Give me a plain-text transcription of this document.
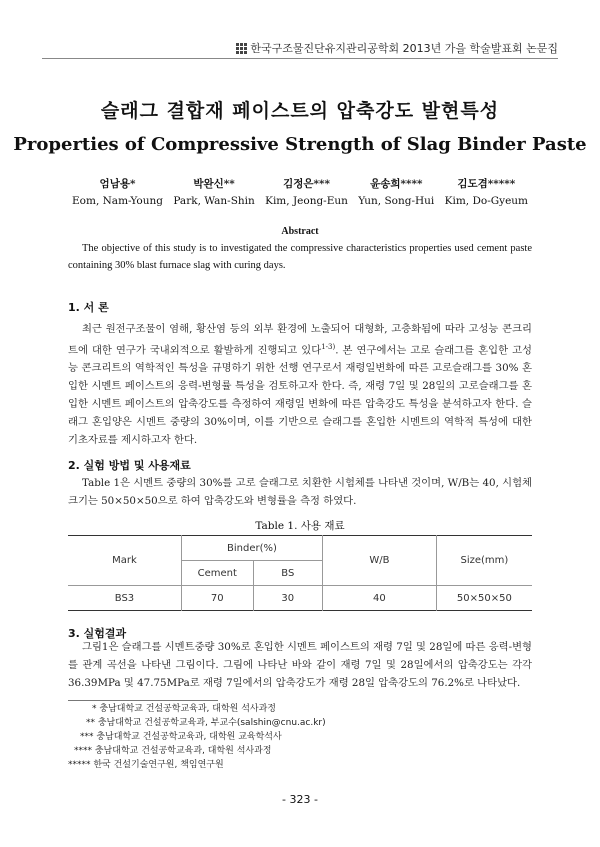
한국구조물진단유지관리공학회 2013년 가을 학술발표회 논문집
슬래그 결합재 페이스트의 압축강도 발현특성
Properties of Compressive Strength of Slag Binder Paste
엄남용*
Eom, Nam-Young
박완신**
Park, Wan-Shin
김정은***
Kim, Jeong-Eun
윤송희****
Yun, Song-Hui
김도겸*****
Kim, Do-Gyeum
Abstract
The objective of this study is to investigated the compressive characteristics properties used cement paste containing 30% blast furnace slag with curing days.
1. 서 론
최근 원전구조물이 염해, 황산염 등의 외부 환경에 노출되어 대형화, 고층화됨에 따라 고성능 콘크리트에 대한 연구가 국내외적으로 활발하게 진행되고 있다$^{1-3)}$. 본 연구에서는 고로 슬래그를 혼입한 고성능 콘크리트의 역학적인 특성을 규명하기 위한 선행 연구로서 재령일변화에 따른 고로슬래그를 30% 혼입한 시멘트 페이스트의 응력-변형률 특성을 검토하고자 한다. 즉, 재령 7일 및 28일의 고로슬래그를 혼입한 시멘트 페이스트의 압축강도를 측정하여 재령일 변화에 따른 압축강도 특성을 분석하고자 한다. 슬래그 혼입양은 시멘트 중량의 30%이며, 이를 기반으로 슬래그를 혼입한 시멘트의 역학적 특성에 대한 기초자료를 제시하고자 한다.
2. 실험 방법 및 사용재료
Table 1은 시멘트 중량의 30%를 고로 슬래그로 치환한 시험체를 나타낸 것이며, W/B는 40, 시험체 크기는 50×50×50으로 하여 압축강도와 변형률을 측정 하였다.
Table 1. 사용 재료
Mark	Binder(%)		W/B	Size(mm)
	Cement	BS		
BS3	70	30	40	50×50×50
3. 실험결과
그림1은 슬래그를 시멘트중량 30%로 혼입한 시멘트 페이스트의 재령 7일 및 28일에 따른 응력-변형를 관계 곡선을 나타낸 그림이다. 그림에 나타난 바와 같이 재령 7일 및 28일에서의 압축강도는 각각 36.39MPa 및 47.75MPa로 재령 7일에서의 압축강도가 재령 28일 압축강도의 76.2%로 나타났다.
* 충남대학교 건설공학교육과, 대학원 석사과정
** 충남대학교 건설공학교육과, 부교수(salshin@cnu.ac.kr)
*** 충남대학교 건설공학교육과, 대학원 교육학석사
**** 충남대학교 건설공학교육과, 대학원 석사과정
***** 한국 건설기술연구원, 책임연구원
- 323 -
